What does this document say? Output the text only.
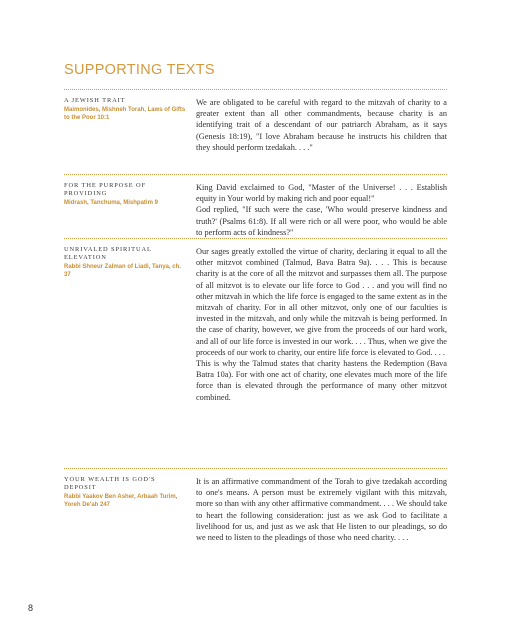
SUPPORTING TEXTS
A JEWISH TRAIT
Maimonides, Mishneh Torah, Laws of Gifts to the Poor 10:1

We are obligated to be careful with regard to the mitzvah of charity to a greater extent than all other commandments, because charity is an identifying trait of a descendant of our patriarch Abraham, as it says (Genesis 18:19), "I love Abraham because he instructs his children that they should perform tzedakah. . . ."

FOR THE PURPOSE OF PROVIDING
Midrash, Tanchuma, Mishpatim 9

King David exclaimed to God, "Master of the Universe! . . . Establish equity in Your world by making rich and poor equal!"

God replied, "If such were the case, 'Who would preserve kindness and truth?' (Psalms 61:8). If all were rich or all were poor, who would be able to perform acts of kindness?"

UNRIVALED SPIRITUAL ELEVATION
Rabbi Shneur Zalman of Liadi, Tanya, ch. 37

Our sages greatly extolled the virtue of charity, declaring it equal to all the other mitzvot combined (Talmud, Bava Batra 9a). . . . This is because charity is at the core of all the mitzvot and surpasses them all. The purpose of all mitzvot is to elevate our life force to God . . . and you will find no other mitzvah in which the life force is engaged to the same extent as in the mitzvah of charity. For in all other mitzvot, only one of our faculties is invested in the mitzvah, and only while the mitzvah is being performed. In the case of charity, however, we give from the proceeds of our hard work, and all of our life force is invested in our work. . . . Thus, when we give the proceeds of our work to charity, our entire life force is elevated to God. . . .

This is why the Talmud states that charity hastens the Redemption (Bava Batra 10a). For with one act of charity, one elevates much more of the life force than is elevated through the performance of many other mitzvot combined.

YOUR WEALTH IS GOD'S DEPOSIT
Rabbi Yaakov Ben Asher, Arbaah Turim, Yoreh De'ah 247

It is an affirmative commandment of the Torah to give tzedakah according to one's means. A person must be extremely vigilant with this mitzvah, more so than with any other affirmative commandment. . . . We should take to heart the following consideration: just as we ask God to facilitate a livelihood for us, and just as we ask that He listen to our pleadings, so do we need to listen to the pleadings of those who need charity. . . .

8
